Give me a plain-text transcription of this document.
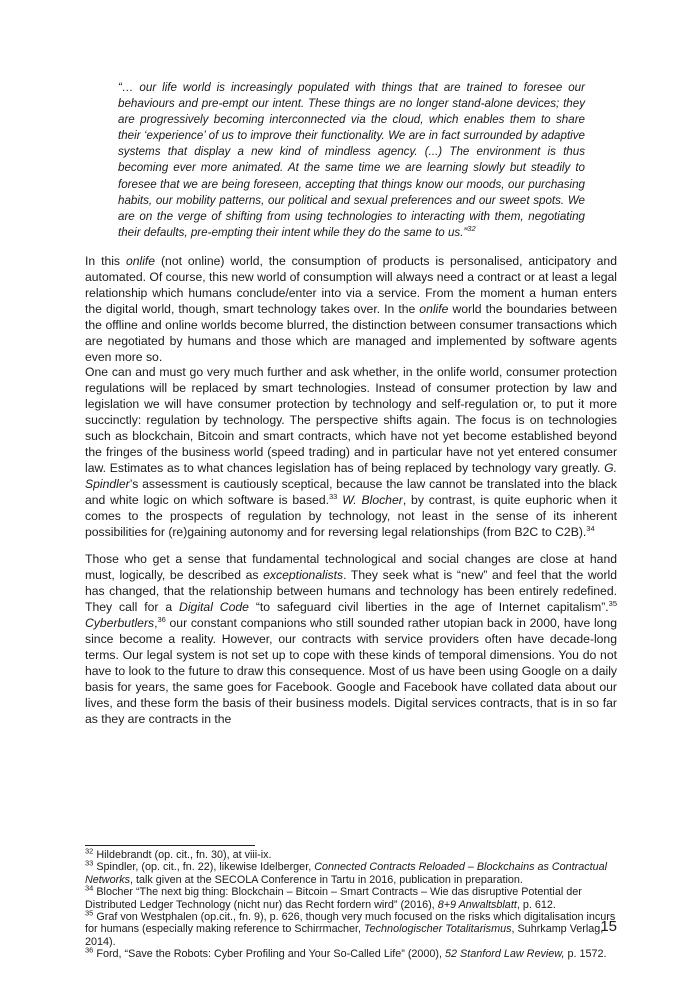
“… our life world is increasingly populated with things that are trained to foresee our behaviours and pre-empt our intent. These things are no longer stand-alone devices; they are progressively becoming interconnected via the cloud, which enables them to share their ‘experience’ of us to improve their functionality. We are in fact surrounded by adaptive systems that display a new kind of mindless agency. (...) The environment is thus becoming ever more animated. At the same time we are learning slowly but steadily to foresee that we are being foreseen, accepting that things know our moods, our purchasing habits, our mobility patterns, our political and sexual preferences and our sweet spots. We are on the verge of shifting from using technologies to interacting with them, negotiating their defaults, pre-empting their intent while they do the same to us.”$^{32}$

In this onlife (not online) world, the consumption of products is personalised, anticipatory and automated. Of course, this new world of consumption will always need a contract or at least a legal relationship which humans conclude/enter into via a service. From the moment a human enters the digital world, though, smart technology takes over. In the onlife world the boundaries between the offline and online worlds become blurred, the distinction between consumer transactions which are negotiated by humans and those which are managed and implemented by software agents even more so.

One can and must go very much further and ask whether, in the onlife world, consumer protection regulations will be replaced by smart technologies. Instead of consumer protection by law and legislation we will have consumer protection by technology and self-regulation or, to put it more succinctly: regulation by technology. The perspective shifts again. The focus is on technologies such as blockchain, Bitcoin and smart contracts, which have not yet become established beyond the fringes of the business world (speed trading) and in particular have not yet entered consumer law. Estimates as to what chances legislation has of being replaced by technology vary greatly. G. Spindler’s assessment is cautiously sceptical, because the law cannot be translated into the black and white logic on which software is based.$^{33}$ W. Blocher, by contrast, is quite euphoric when it comes to the prospects of regulation by technology, not least in the sense of its inherent possibilities for (re)gaining autonomy and for reversing legal relationships (from B2C to C2B).$^{34}$

Those who get a sense that fundamental technological and social changes are close at hand must, logically, be described as exceptionalists. They seek what is “new” and feel that the world has changed, that the relationship between humans and technology has been entirely redefined. They call for a Digital Code “to safeguard civil liberties in the age of Internet capitalism”.$^{35}$ Cyberbutlers,$^{36}$ our constant companions who still sounded rather utopian back in 2000, have long since become a reality. However, our contracts with service providers often have decade-long terms. Our legal system is not set up to cope with these kinds of temporal dimensions. You do not have to look to the future to draw this consequence. Most of us have been using Google on a daily basis for years, the same goes for Facebook. Google and Facebook have collated data about our lives, and these form the basis of their business models. Digital services contracts, that is in so far as they are contracts in the

$^{32}$ Hildebrandt (op. cit., fn. 30), at viii-ix.

$^{33}$ Spindler, (op. cit., fn. 22), likewise Idelberger, Connected Contracts Reloaded – Blockchains as Contractual Networks, talk given at the SECOLA Conference in Tartu in 2016, publication in preparation.

$^{34}$ Blocher “The next big thing: Blockchain – Bitcoin – Smart Contracts – Wie das disruptive Potential der Distributed Ledger Technology (nicht nur) das Recht fordern wird” (2016), 8+9 Anwaltsblatt, p. 612.

$^{35}$ Graf von Westphalen (op.cit., fn. 9), p. 626, though very much focused on the risks which digitalisation incurs for humans (especially making reference to Schirrmacher, Technologischer Totalitarismus, Suhrkamp Verlag, 2014).

$^{36}$ Ford, “Save the Robots: Cyber Profiling and Your So-Called Life” (2000), 52 Stanford Law Review, p. 1572.

15
